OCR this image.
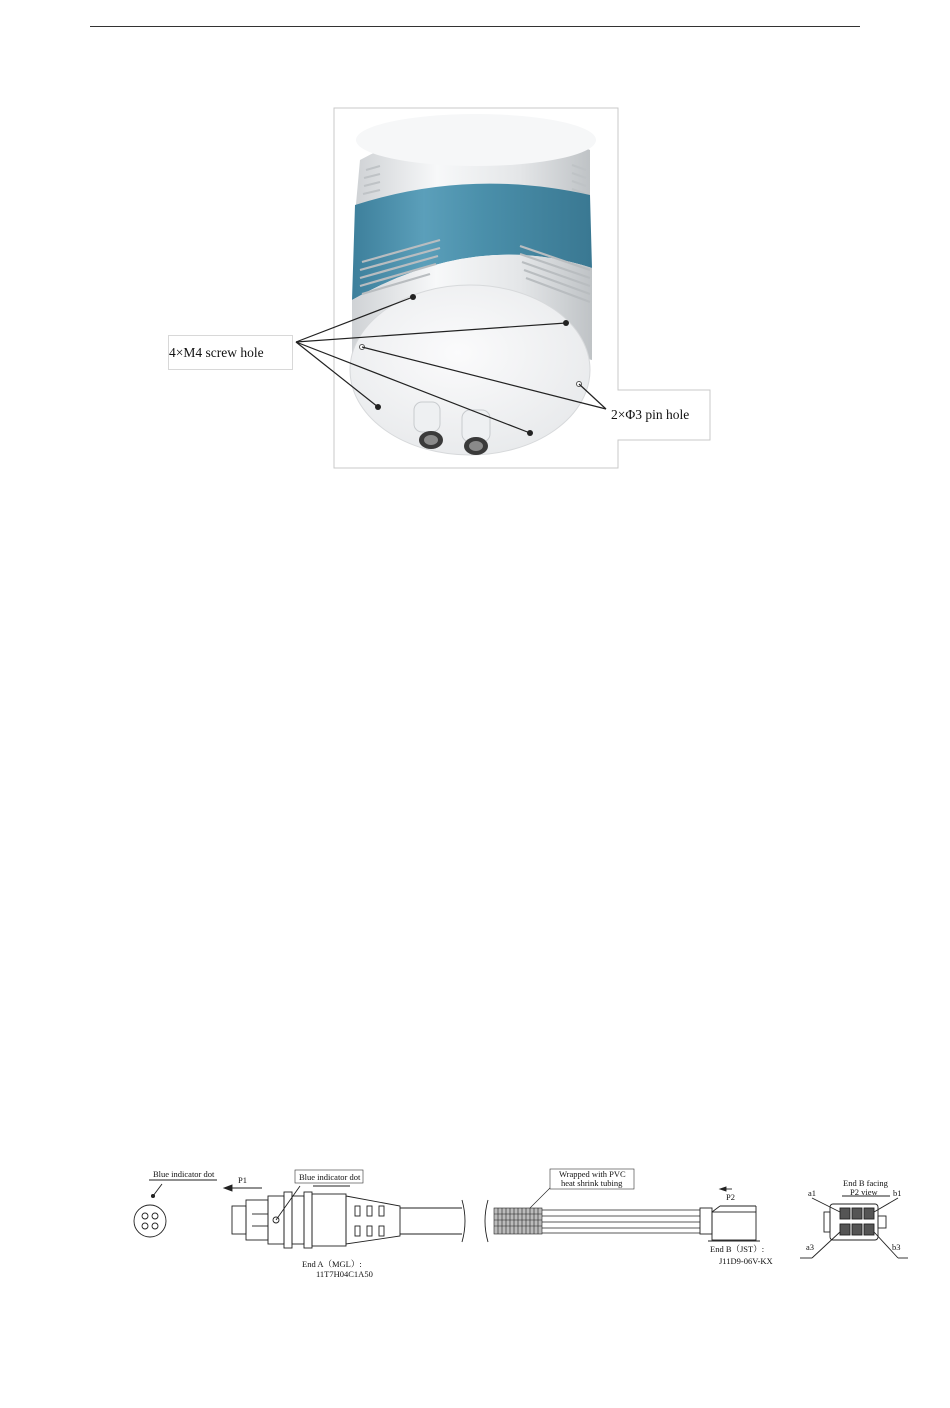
4×M4 screw hole
2×Φ3 pin hole
Blue indicator dot
P1	Blue indicator dot
End A（MGL）:
11T7H04C1A50
Wrapped with PVC
heat shrink tubing
P2
End B（JST）:
J11D9-06V-KX
End B facing
P2 view
a1	b1
a3	b3
